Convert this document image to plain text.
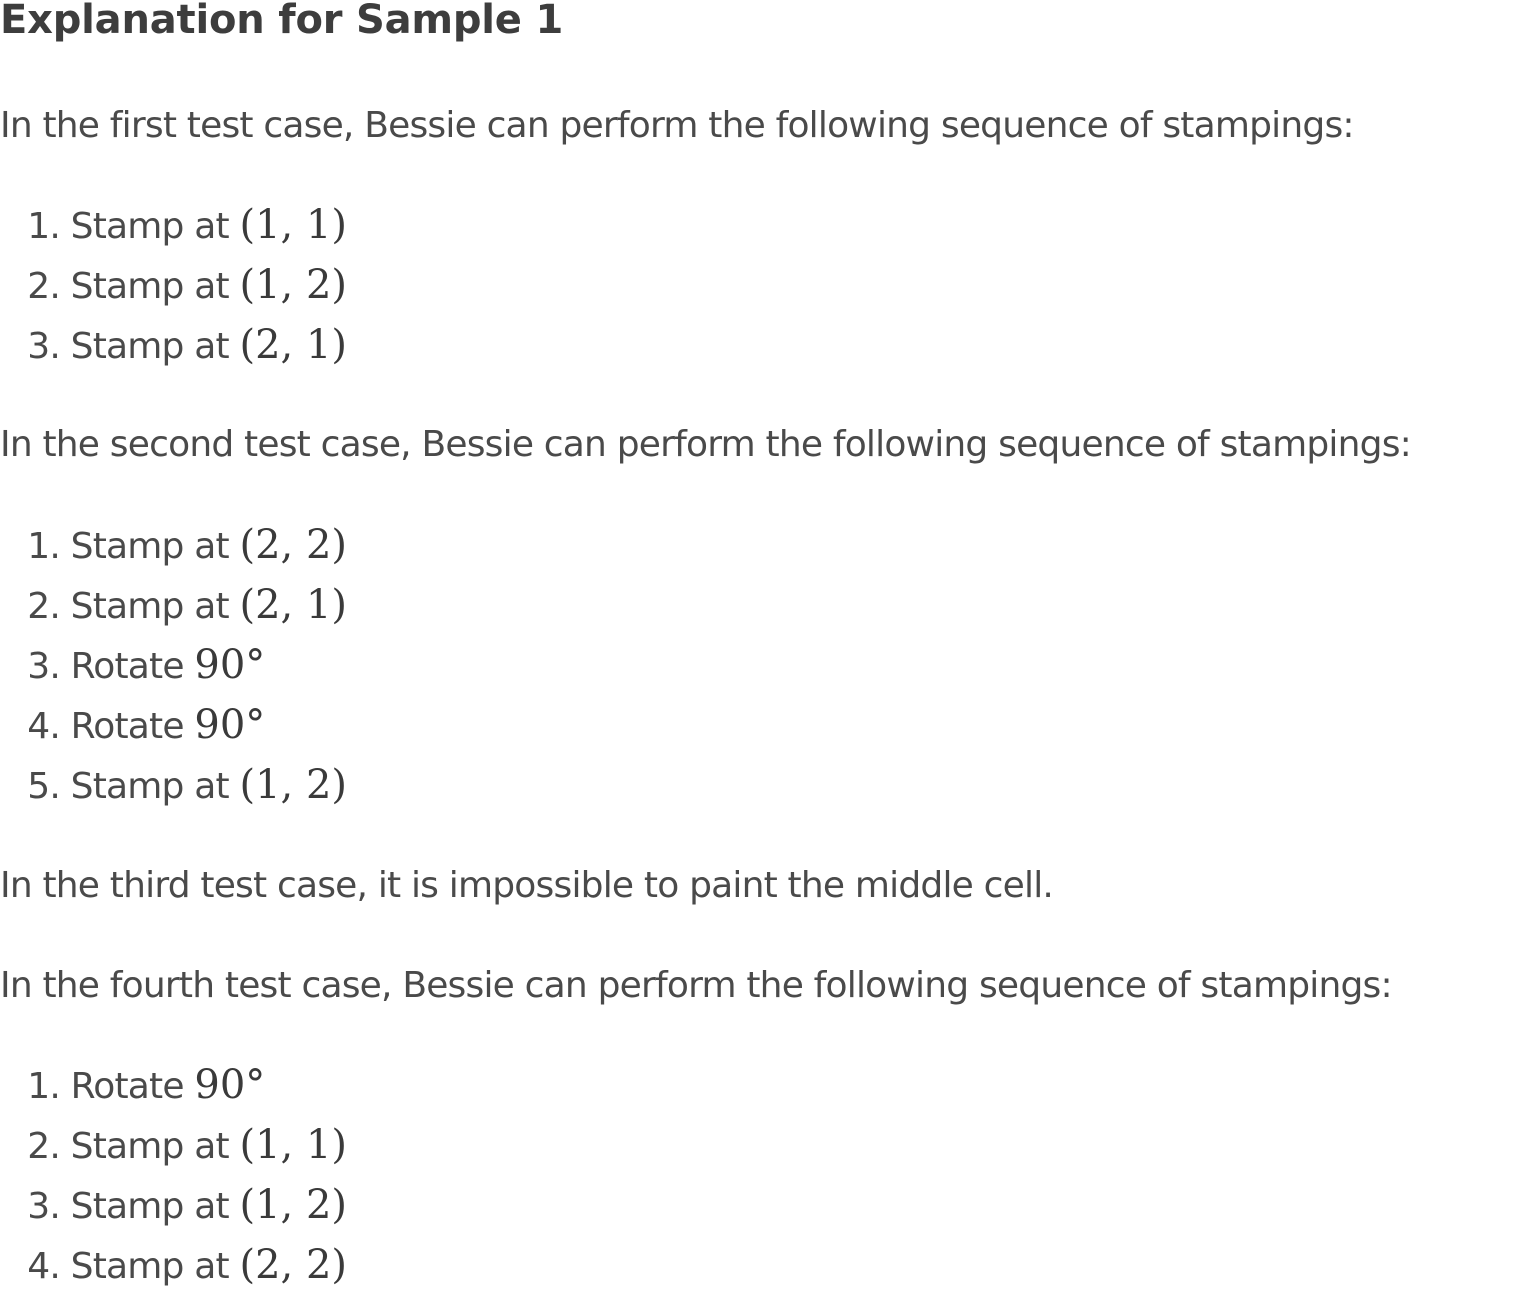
Explanation for Sample 1

In the first test case, Bessie can perform the following sequence of stampings:

1. Stamp at (1, 1)
2. Stamp at (1, 2)
3. Stamp at (2, 1)

In the second test case, Bessie can perform the following sequence of stampings:

1. Stamp at (2, 2)
2. Stamp at (2, 1)
3. Rotate 90°
4. Rotate 90°
5. Stamp at (1, 2)

In the third test case, it is impossible to paint the middle cell.

In the fourth test case, Bessie can perform the following sequence of stampings:

1. Rotate 90°
2. Stamp at (1, 1)
3. Stamp at (1, 2)
4. Stamp at (2, 2)
